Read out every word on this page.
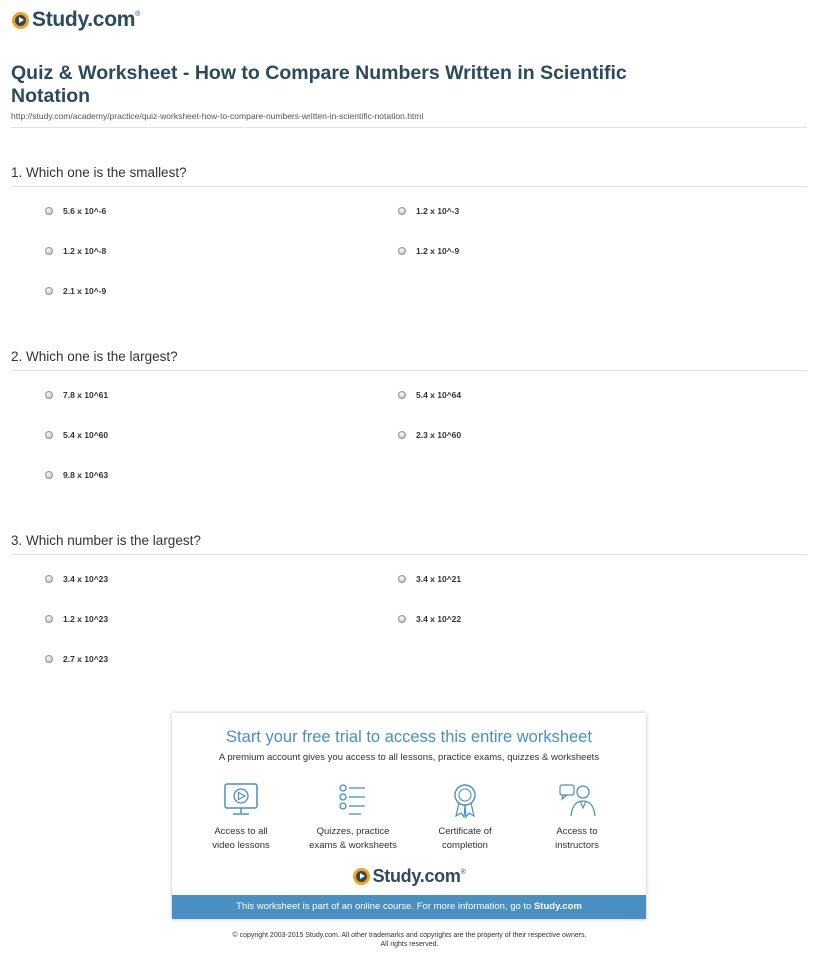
Study.com®
Quiz & Worksheet - How to Compare Numbers Written in Scientific Notation
http://study.com/academy/practice/quiz-worksheet-how-to-compare-numbers-written-in-scientific-notation.html
1. Which one is the smallest?
5.6 x 10^-6	1.2 x 10^-3
1.2 x 10^-8	1.2 x 10^-9
2.1 x 10^-9
2. Which one is the largest?
7.8 x 10^61	5.4 x 10^64
5.4 x 10^60	2.3 x 10^60
9.8 x 10^63
3. Which number is the largest?
3.4 x 10^23	3.4 x 10^21
1.2 x 10^23	3.4 x 10^22
2.7 x 10^23
Start your free trial to access this entire worksheet
A premium account gives you access to all lessons, practice exams, quizzes & worksheets
Access to all
video lessons
Quizzes, practice
exams & worksheets
Certificate of
completion
Access to
instructors
Study.com®
This worksheet is part of an online course. For more information, go to Study.com
© copyright 2003-2015 Study.com. All other trademarks and copyrights are the property of their respective owners.
All rights reserved.
